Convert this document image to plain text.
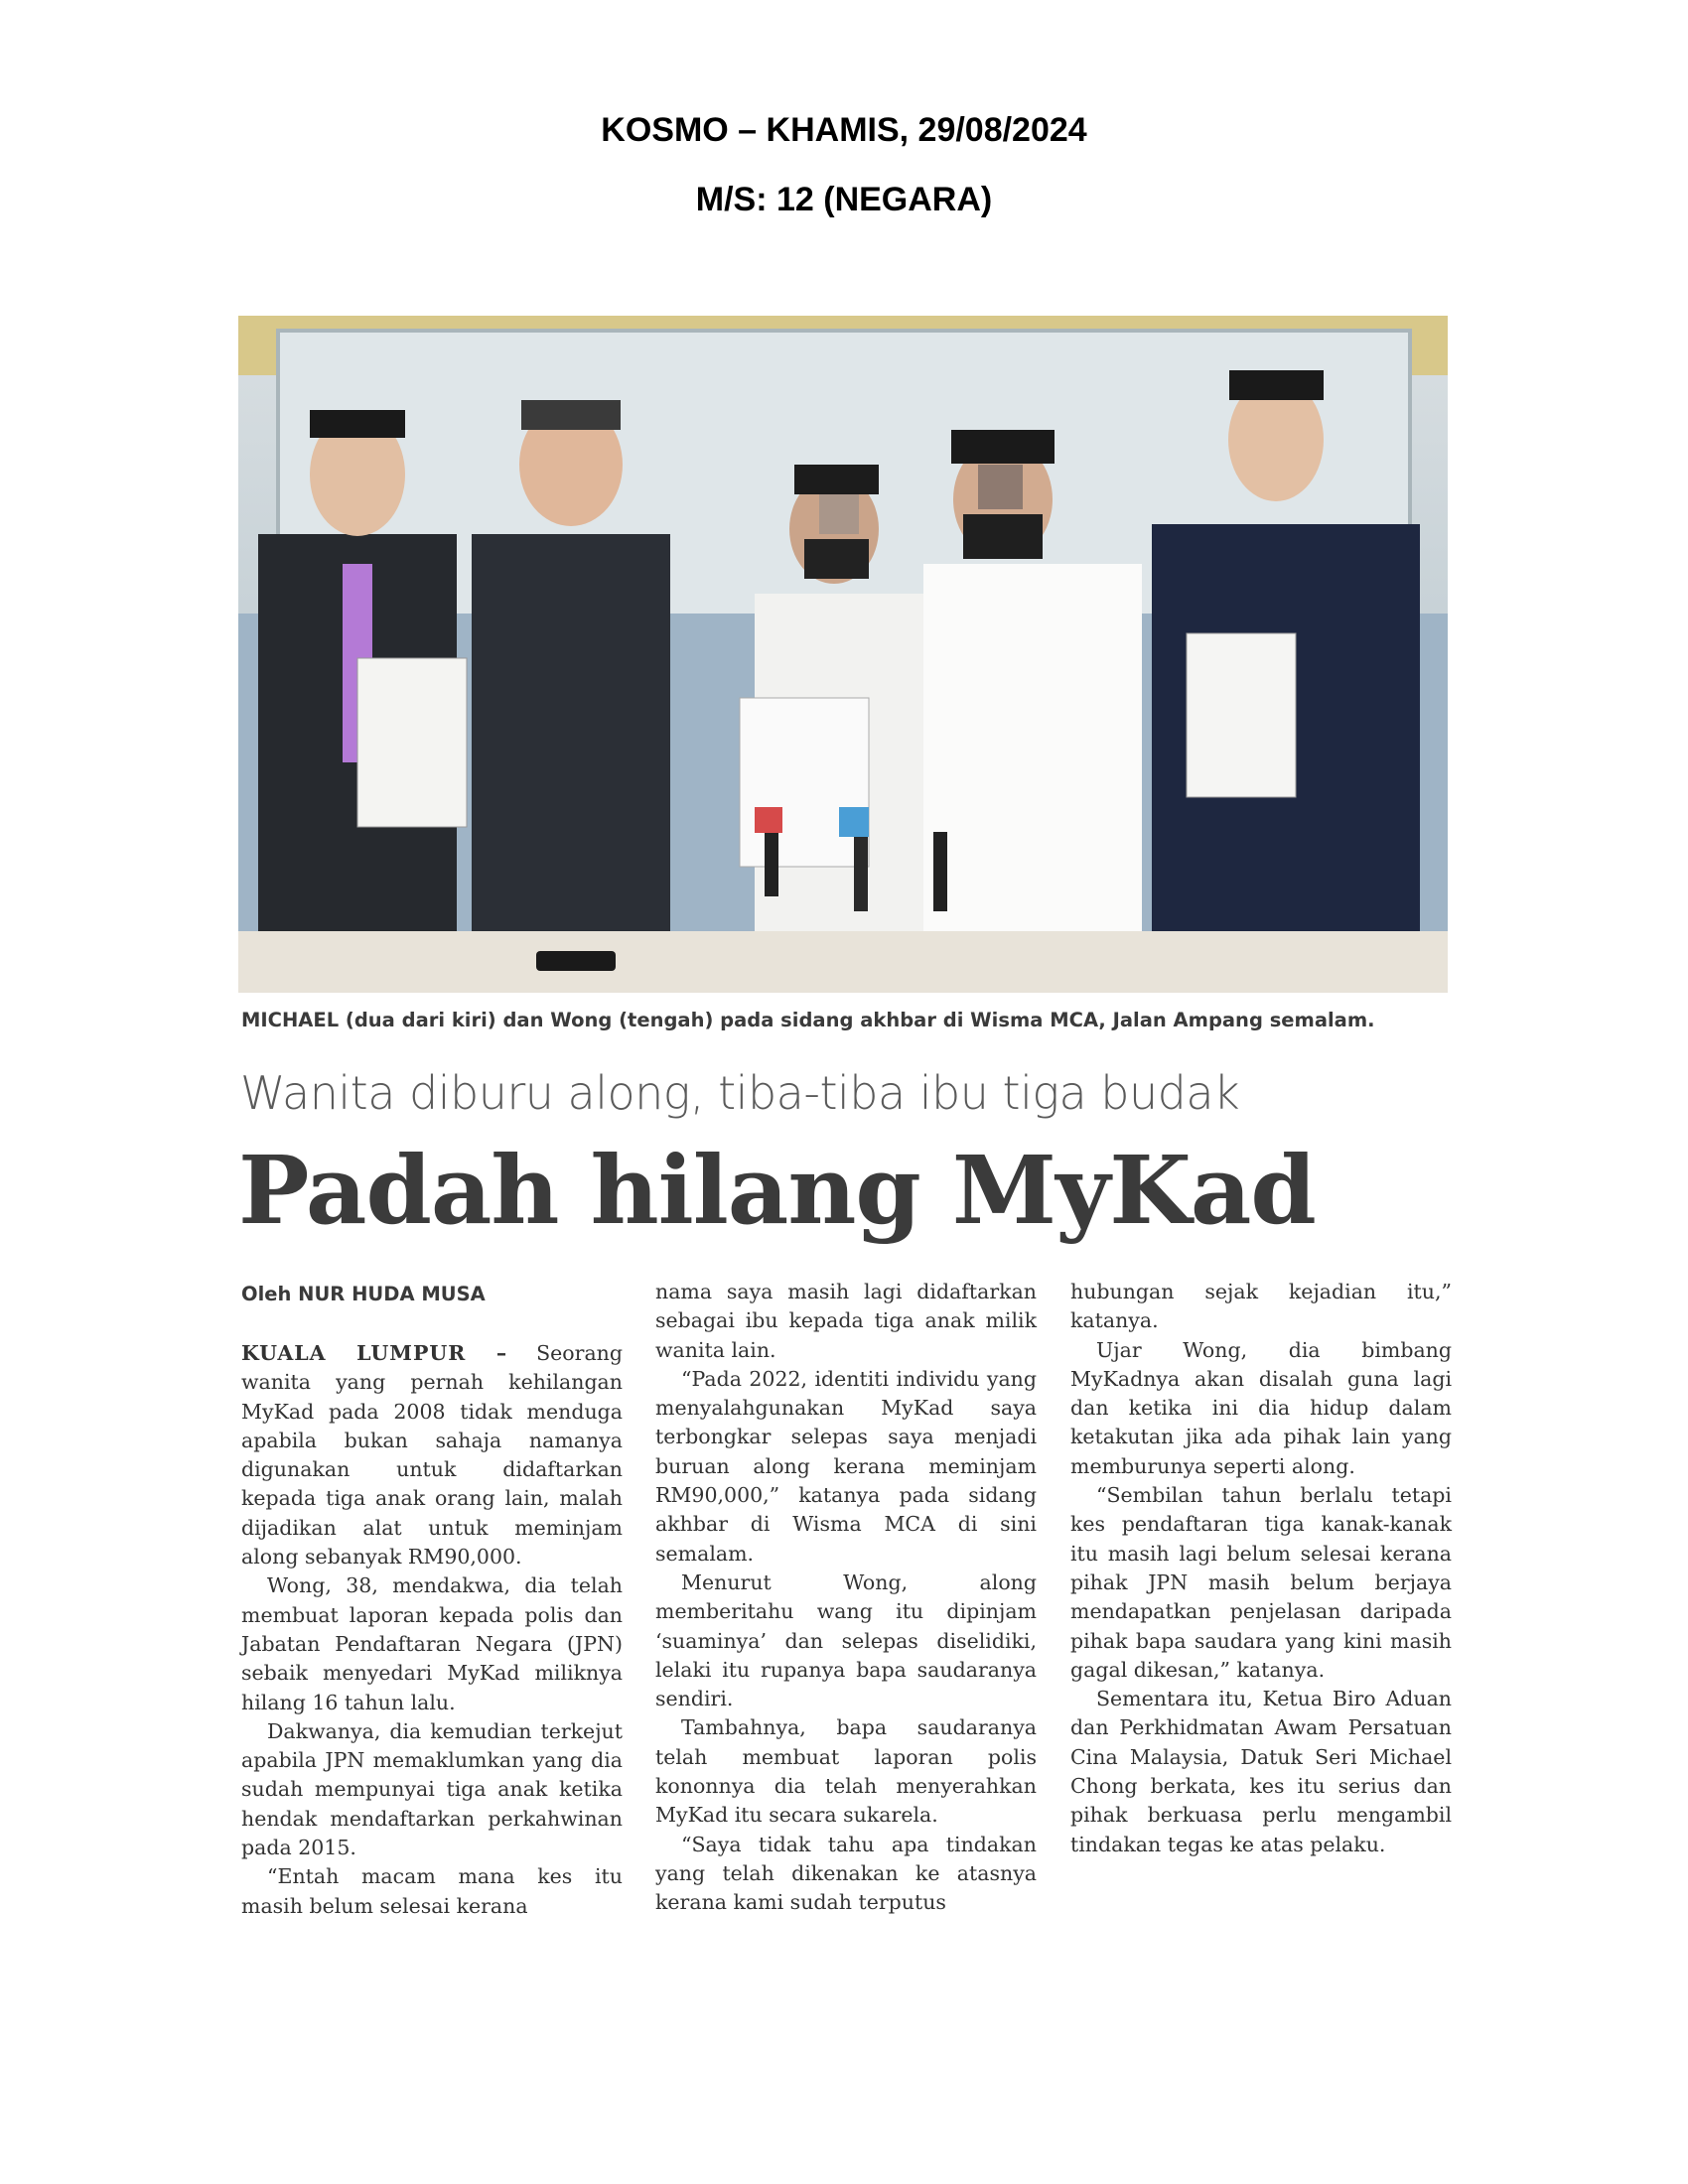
KOSMO – KHAMIS, 29/08/2024
M/S: 12 (NEGARA)
MICHAEL (dua dari kiri) dan Wong (tengah) pada sidang akhbar di Wisma MCA, Jalan Ampang semalam.
Wanita diburu along, tiba-tiba ibu tiga budak
Padah hilang MyKad
Oleh NUR HUDA MUSA

KUALA LUMPUR – Seorang wanita yang pernah kehilangan MyKad pada 2008 tidak menduga apabila bukan sahaja namanya digunakan untuk didaftarkan kepada tiga anak orang lain, malah dijadikan alat untuk meminjam along sebanyak RM90,000.

Wong, 38, mendakwa, dia telah membuat laporan kepada polis dan Jabatan Pendaftaran Negara (JPN) sebaik menyedari MyKad miliknya hilang 16 tahun lalu.

Dakwanya, dia kemudian terkejut apabila JPN memaklumkan yang dia sudah mempunyai tiga anak ketika hendak mendaftarkan perkahwinan pada 2015.

“Entah macam mana kes itu masih belum selesai kerana

nama saya masih lagi didaftarkan sebagai ibu kepada tiga anak milik wanita lain.

“Pada 2022, identiti individu yang menyalahgunakan MyKad saya terbongkar selepas saya menjadi buruan along kerana meminjam RM90,000,” katanya pada sidang akhbar di Wisma MCA di sini semalam.

Menurut Wong, along memberitahu wang itu dipinjam ‘suaminya’ dan selepas diselidiki, lelaki itu rupanya bapa saudaranya sendiri.

Tambahnya, bapa saudaranya telah membuat laporan polis kononnya dia telah menyerahkan MyKad itu secara sukarela.

“Saya tidak tahu apa tindakan yang telah dikenakan ke atasnya kerana kami sudah terputus

hubungan sejak kejadian itu,” katanya.

Ujar Wong, dia bimbang MyKadnya akan disalah guna lagi dan ketika ini dia hidup dalam ketakutan jika ada pihak lain yang memburunya seperti along.

“Sembilan tahun berlalu tetapi kes pendaftaran tiga kanak-kanak itu masih lagi belum selesai kerana pihak JPN masih belum berjaya mendapatkan penjelasan daripada pihak bapa saudara yang kini masih gagal dikesan,” katanya.

Sementara itu, Ketua Biro Aduan dan Perkhidmatan Awam Persatuan Cina Malaysia, Datuk Seri Michael Chong berkata, kes itu serius dan pihak berkuasa perlu mengambil tindakan tegas ke atas pelaku.
